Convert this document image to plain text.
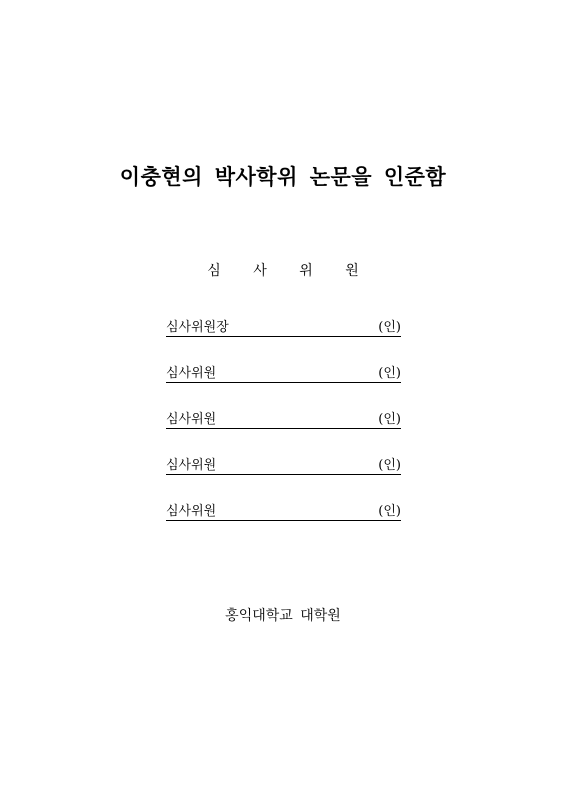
이충현의 박사학위 논문을 인준함
심 사 위 원
심사위원장	(인)
심사위원	(인)
심사위원	(인)
심사위원	(인)
심사위원	(인)
홍익대학교 대학원
